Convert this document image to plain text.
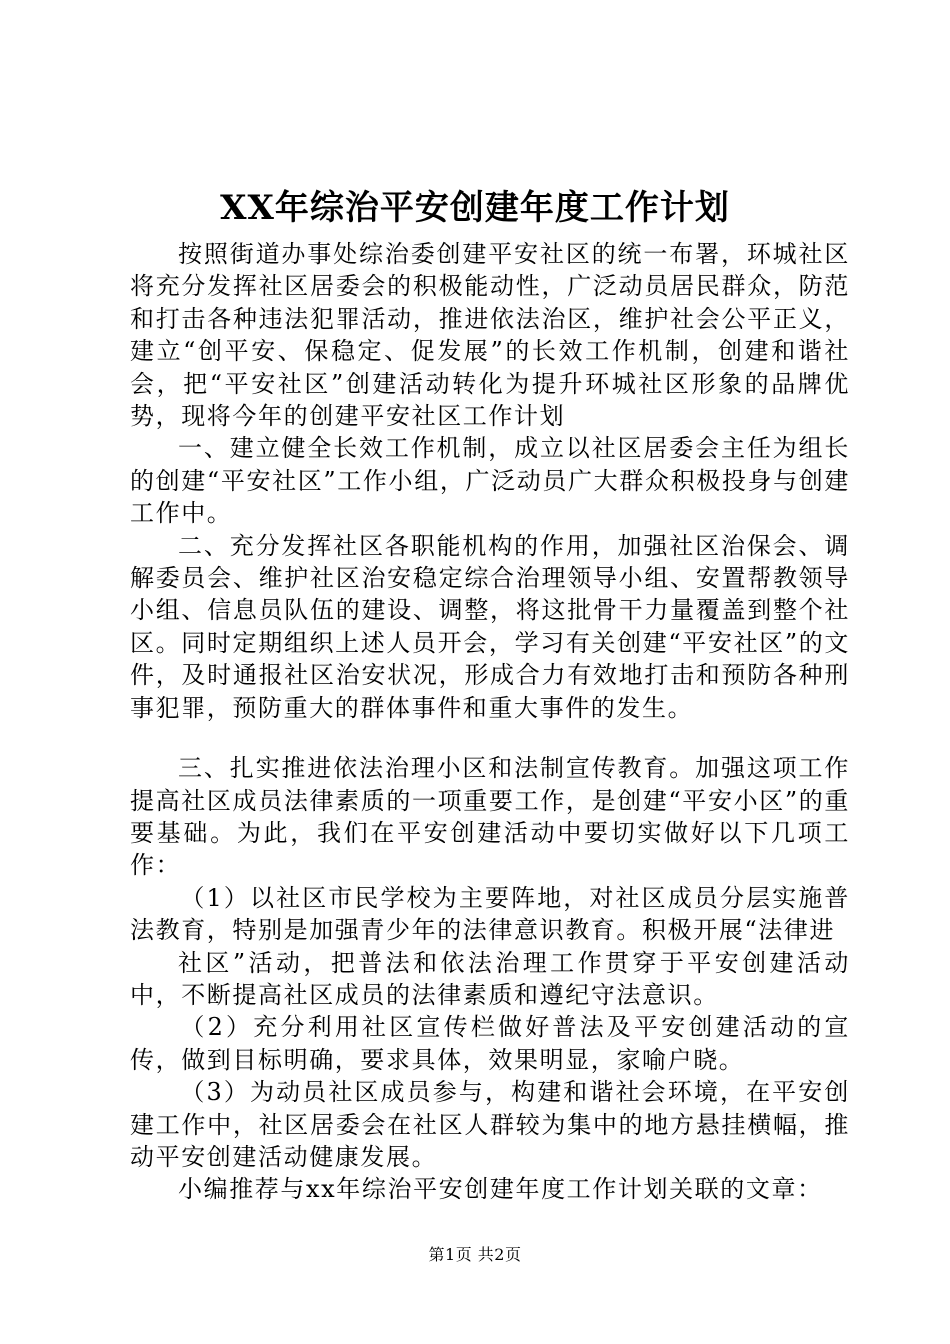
XX年综治平安创建年度工作计划

按照街道办事处综治委创建平安社区的统一布署，环城社区将充分发挥社区居委会的积极能动性，广泛动员居民群众，防范和打击各种违法犯罪活动，推进依法治区，维护社会公平正义，建立“创平安、保稳定、促发展”的长效工作机制，创建和谐社会，把“平安社区”创建活动转化为提升环城社区形象的品牌优势，现将今年的创建平安社区工作计划

一、建立健全长效工作机制，成立以社区居委会主任为组长的创建“平安社区”工作小组，广泛动员广大群众积极投身与创建工作中。

二、充分发挥社区各职能机构的作用，加强社区治保会、调解委员会、维护社区治安稳定综合治理领导小组、安置帮教领导小组、信息员队伍的建设、调整，将这批骨干力量覆盖到整个社区。同时定期组织上述人员开会，学习有关创建“平安社区”的文件，及时通报社区治安状况，形成合力有效地打击和预防各种刑事犯罪，预防重大的群体事件和重大事件的发生。

三、扎实推进依法治理小区和法制宣传教育。加强这项工作提高社区成员法律素质的一项重要工作，是创建“平安小区”的重要基础。为此，我们在平安创建活动中要切实做好以下几项工作：

（1）以社区市民学校为主要阵地，对社区成员分层实施普法教育，特别是加强青少年的法律意识教育。积极开展“法律进

社区”活动，把普法和依法治理工作贯穿于平安创建活动中，不断提高社区成员的法律素质和遵纪守法意识。

（2）充分利用社区宣传栏做好普法及平安创建活动的宣传，做到目标明确，要求具体，效果明显，家喻户晓。

（3）为动员社区成员参与，构建和谐社会环境，在平安创建工作中，社区居委会在社区人群较为集中的地方悬挂横幅，推动平安创建活动健康发展。

小编推荐与xx年综治平安创建年度工作计划关联的文章：

第1页 共2页
